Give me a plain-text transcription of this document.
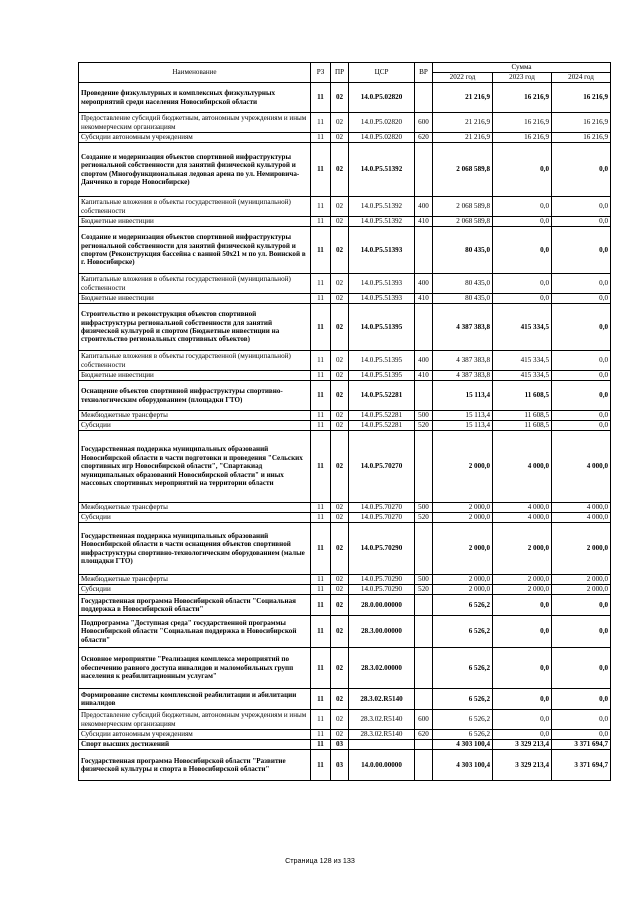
Наименование	РЗ	ПР	ЦСР	ВР	Сумма		
					2022 год	2023 год	2024 год
Проведение физкультурных и комплексных физкультурных мероприятий среди населения Новосибирской области	11	02	14.0.P5.02820		21 216,9	16 216,9	16 216,9
Предоставление субсидий бюджетным, автономным учреждениям и иным некоммерческим организациям	11	02	14.0.P5.02820	600	21 216,9	16 216,9	16 216,9
Субсидии автономным учреждениям	11	02	14.0.P5.02820	620	21 216,9	16 216,9	16 216,9
Создание и модернизация объектов спортивной инфраструктуры региональной собственности для занятий физической культурой и спортом (Многофункциональная ледовая арена по ул. Немировича-Данченко в городе Новосибирске)	11	02	14.0.P5.51392		2 068 589,8	0,0	0,0
Капитальные вложения в объекты государственной (муниципальной) собственности	11	02	14.0.P5.51392	400	2 068 589,8	0,0	0,0
Бюджетные инвестиции	11	02	14.0.P5.51392	410	2 068 589,8	0,0	0,0
Создание и модернизация объектов спортивной инфраструктуры региональной собственности для занятий физической культурой и спортом (Реконструкция бассейна с ванной 50х21 м по ул. Воинской в г. Новосибирске)	11	02	14.0.P5.51393		80 435,0	0,0	0,0
Капитальные вложения в объекты государственной (муниципальной) собственности	11	02	14.0.P5.51393	400	80 435,0	0,0	0,0
Бюджетные инвестиции	11	02	14.0.P5.51393	410	80 435,0	0,0	0,0
Строительство и реконструкция объектов спортивной инфраструктуры региональной собственности для занятий физической культурой и спортом (Бюджетные инвестиции на строительство региональных спортивных объектов)	11	02	14.0.P5.51395		4 387 383,8	415 334,5	0,0
Капитальные вложения в объекты государственной (муниципальной) собственности	11	02	14.0.P5.51395	400	4 387 383,8	415 334,5	0,0
Бюджетные инвестиции	11	02	14.0.P5.51395	410	4 387 383,8	415 334,5	0,0
Оснащение объектов спортивной инфраструктуры спортивно-технологическим оборудованием (площадки ГТО)	11	02	14.0.P5.52281		15 113,4	11 608,5	0,0
Межбюджетные трансферты	11	02	14.0.P5.52281	500	15 113,4	11 608,5	0,0
Субсидии	11	02	14.0.P5.52281	520	15 113,4	11 608,5	0,0
Государственная поддержка муниципальных образований Новосибирской области в части подготовки и проведения "Сельских спортивных игр Новосибирской области", "Спартакиад муниципальных образований Новосибирской области" и иных массовых спортивных мероприятий на территории области	11	02	14.0.P5.70270		2 000,0	4 000,0	4 000,0
Межбюджетные трансферты	11	02	14.0.P5.70270	500	2 000,0	4 000,0	4 000,0
Субсидии	11	02	14.0.P5.70270	520	2 000,0	4 000,0	4 000,0
Государственная поддержка муниципальных образований Новосибирской области в части оснащения объектов спортивной инфраструктуры спортивно-технологическим оборудованием (малые площадки ГТО)	11	02	14.0.P5.70290		2 000,0	2 000,0	2 000,0
Межбюджетные трансферты	11	02	14.0.P5.70290	500	2 000,0	2 000,0	2 000,0
Субсидии	11	02	14.0.P5.70290	520	2 000,0	2 000,0	2 000,0
Государственная программа Новосибирской области "Социальная поддержка в Новосибирской области"	11	02	28.0.00.00000		6 526,2	0,0	0,0
Подпрограмма "Доступная среда" государственной программы Новосибирской области "Социальная поддержка в Новосибирской области"	11	02	28.3.00.00000		6 526,2	0,0	0,0
Основное мероприятие "Реализация комплекса мероприятий по обеспечению равного доступа инвалидов и маломобильных групп населения к реабилитационным услугам"	11	02	28.3.02.00000		6 526,2	0,0	0,0
Формирование системы комплексной реабилитации и абилитации инвалидов	11	02	28.3.02.R5140		6 526,2	0,0	0,0
Предоставление субсидий бюджетным, автономным учреждениям и иным некоммерческим организациям	11	02	28.3.02.R5140	600	6 526,2	0,0	0,0
Субсидии автономным учреждениям	11	02	28.3.02.R5140	620	6 526,2	0,0	0,0
Спорт высших достижений	11	03			4 303 100,4	3 329 213,4	3 371 694,7
Государственная программа Новосибирской области "Развитие физической культуры и спорта в Новосибирской области"	11	03	14.0.00.00000		4 303 100,4	3 329 213,4	3 371 694,7
Страница 128 из 133
